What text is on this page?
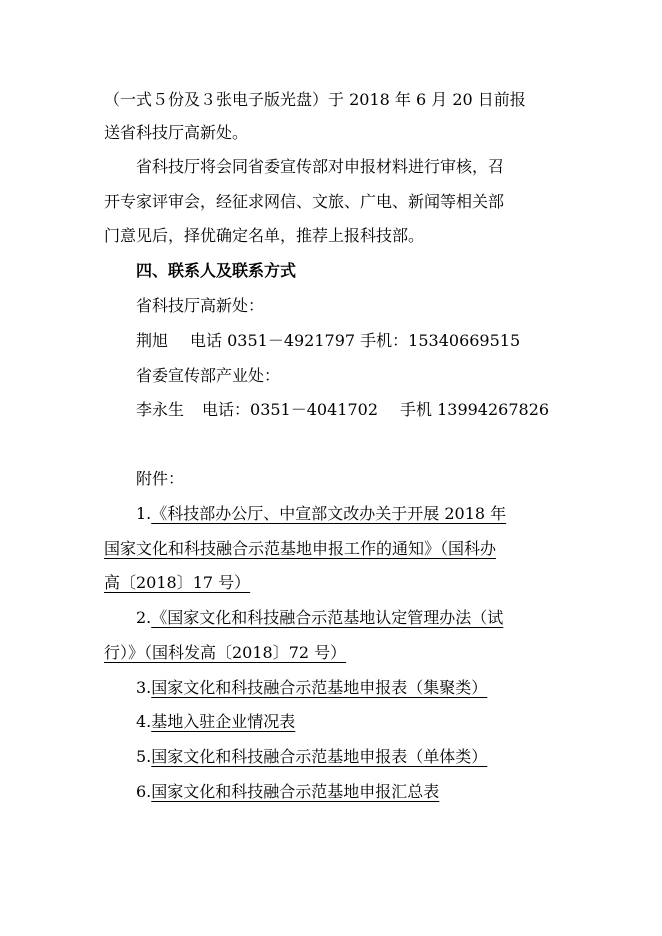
（一式５份及３张电子版光盘）于 2018 年 6 月 20 日前报
送省科技厅高新处。
省科技厅将会同省委宣传部对申报材料进行审核，召
开专家评审会，经征求网信、文旅、广电、新闻等相关部
门意见后，择优确定名单，推荐上报科技部。
四、联系人及联系方式
省科技厅高新处：
荆旭 电话 0351－4921797 手机：15340669515
省委宣传部产业处：
李永生 电话：0351－4041702 手机 13994267826
附件：
1.《科技部办公厅、中宣部文改办关于开展 2018 年
国家文化和科技融合示范基地申报工作的通知》（国科办
高〔2018〕17 号）
2.《国家文化和科技融合示范基地认定管理办法（试
行）》（国科发高〔2018〕72 号）
3.国家文化和科技融合示范基地申报表（集聚类）
4.基地入驻企业情况表
5.国家文化和科技融合示范基地申报表（单体类）
6.国家文化和科技融合示范基地申报汇总表
